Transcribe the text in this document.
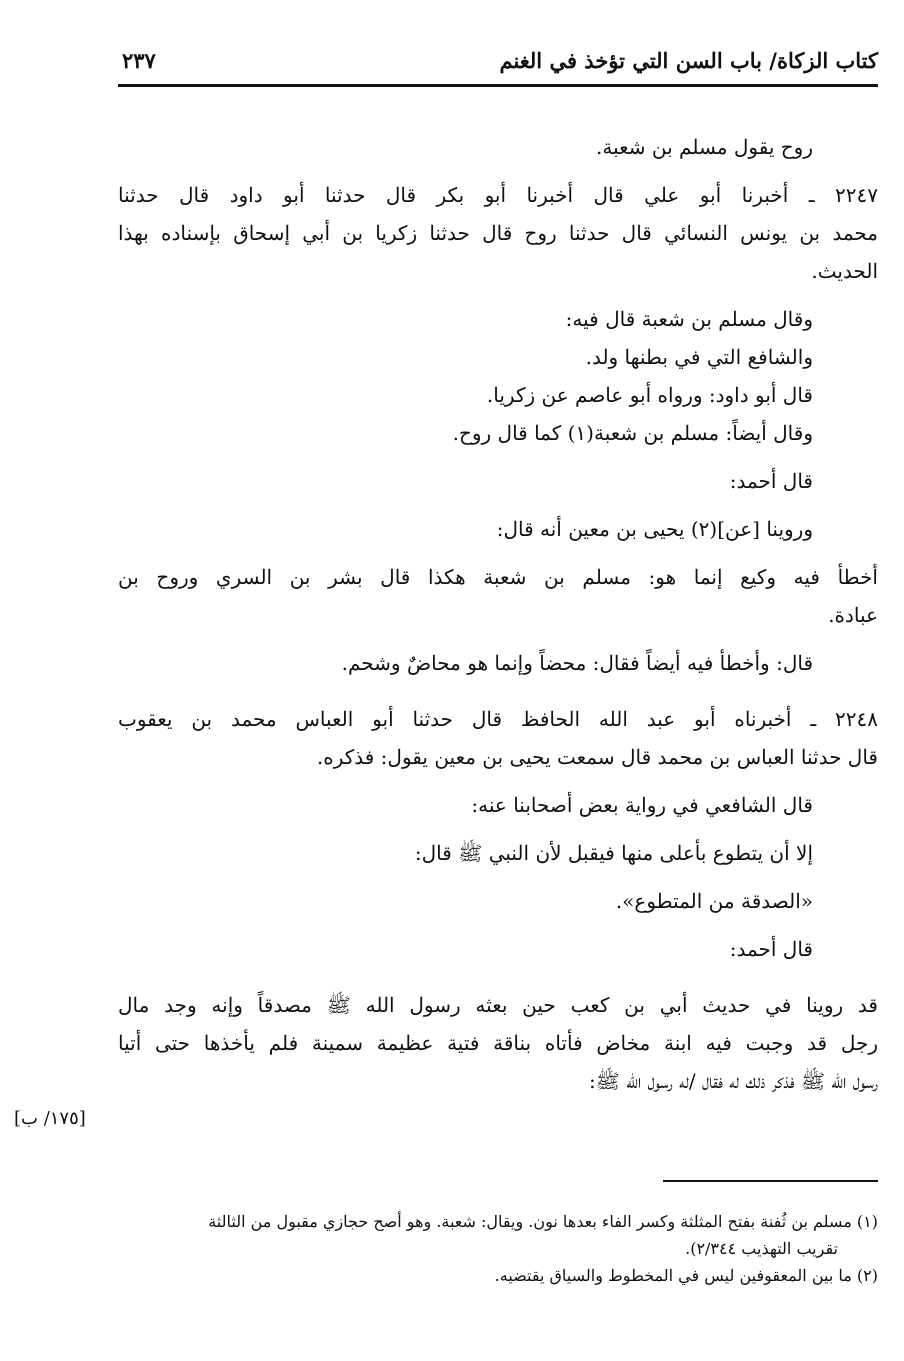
كتاب الزكاة/ باب السن التي تؤخذ في الغنم
٢٣٧
روح يقول مسلم بن شعبة.
٢٢٤٧ ـ أخبرنا أبو علي قال أخبرنا أبو بكر قال حدثنا أبو داود قال حدثنا
محمد بن يونس النسائي قال حدثنا روح قال حدثنا زكريا بن أبي إسحاق بإسناده بهذا
الحديث.
وقال مسلم بن شعبة قال فيه:
والشافع التي في بطنها ولد.
قال أبو داود: ورواه أبو عاصم عن زكريا.
وقال أيضاً: مسلم بن شعبة(١) كما قال روح.
قال أحمد:
وروينا [عن](٢) يحيى بن معين أنه قال:
أخطأ فيه وكيع إنما هو: مسلم بن شعبة هكذا قال بشر بن السري وروح بن
عبادة.
قال: وأخطأ فيه أيضاً فقال: محضاً وإنما هو محاضٌ وشحم.
٢٢٤٨ ـ أخبرناه أبو عبد الله الحافظ قال حدثنا أبو العباس محمد بن يعقوب
قال حدثنا العباس بن محمد قال سمعت يحيى بن معين يقول: فذكره.
قال الشافعي في رواية بعض أصحابنا عنه:
إلا أن يتطوع بأعلى منها فيقبل لأن النبي ﷺ قال:
«الصدقة من المتطوع».
قال أحمد:
قد روينا في حديث أبي بن كعب حين بعثه رسول الله ﷺ مصدقاً وإنه وجد مال
رجل قد وجبت فيه ابنة مخاض فأتاه بناقة فتية عظيمة سمينة فلم يأخذها حتى أتيا
رسول الله ﷺ فذكر ذلك له فقال /له رسول الله ﷺ:
[١٧٥/ ب]
(١) مسلم بن ثُفنة بفتح المثلثة وكسر الفاء بعدها نون. ويقال: شعبة. وهو أصح حجازي مقبول من الثالثة
تقريب التهذيب ٢/٣٤٤).
(٢) ما بين المعقوفين ليس في المخطوط والسياق يقتضيه.
